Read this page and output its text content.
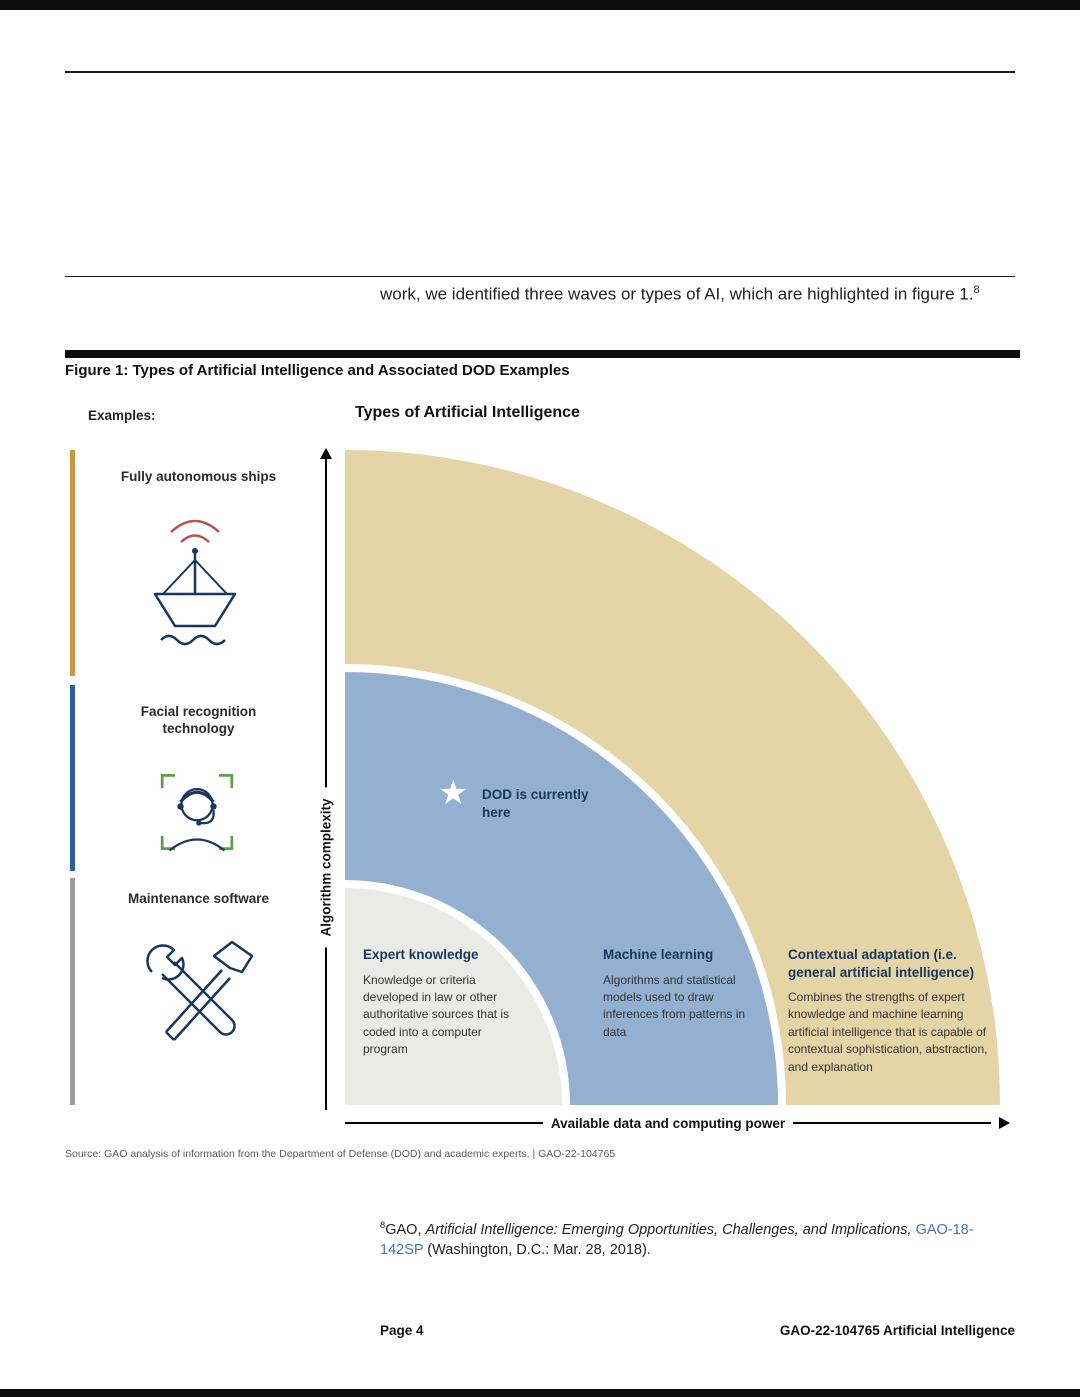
work, we identified three waves or types of AI, which are highlighted in figure 1.$^8$
Figure 1: Types of Artificial Intelligence and Associated DOD Examples
Examples:	Types of Artificial Intelligence
Fully autonomous ships
Facial recognition technology
Maintenance software	Algorithm complexity
★ DOD is currently here
Expert knowledge
Knowledge or criteria developed in law or other authoritative sources that is coded into a computer program
Machine learning
Algorithms and statistical models used to draw inferences from patterns in data
Contextual adaptation (i.e. general artificial intelligence)
Combines the strengths of expert knowledge and machine learning artificial intelligence that is capable of contextual sophistication, abstraction, and explanation
Available data and computing power
Source: GAO analysis of information from the Department of Defense (DOD) and academic experts. | GAO-22-104765
$^8$GAO, Artificial Intelligence: Emerging Opportunities, Challenges, and Implications, GAO-18-142SP (Washington, D.C.: Mar. 28, 2018).
Page 4	GAO-22-104765 Artificial Intelligence
